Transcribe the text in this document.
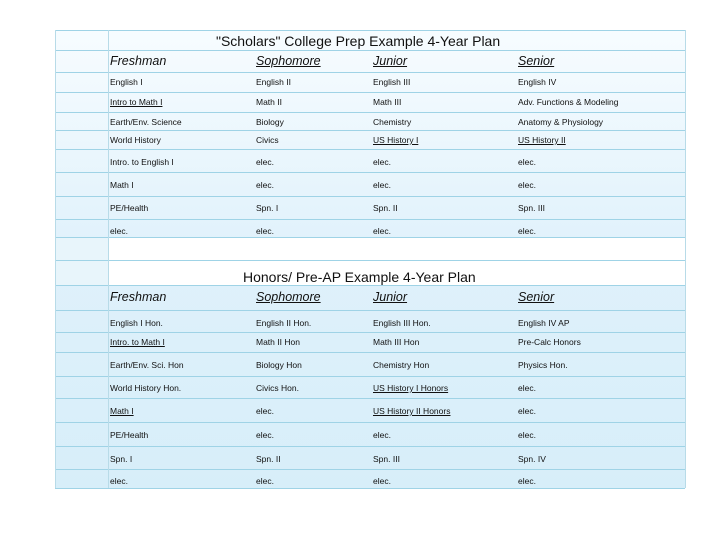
"Scholars" College Prep Example 4-Year Plan
Honors/ Pre-AP Example 4-Year Plan
Freshman	Sophomore	Junior	Senior
English I	English II	English III	English IV
Intro to Math I	Math II	Math III	Adv. Functions & Modeling
Earth/Env. Science	Biology	Chemistry	Anatomy & Physiology
World History	Civics	US History I	US History II
Intro. to English I	elec.	elec.	elec.
Math I	elec.	elec.	elec.
PE/Health	Spn. I	Spn. II	Spn. III
elec.	elec.	elec.	elec.
Freshman	Sophomore	Junior	Senior
English I Hon.	English II Hon.	English III Hon.	English IV AP
Intro. to Math I	Math II Hon	Math III Hon	Pre-Calc Honors
Earth/Env. Sci. Hon	Biology Hon	Chemistry Hon	Physics Hon.
World History Hon.	Civics Hon.	US History I Honors	elec.
Math I	elec.	US History II Honors	elec.
PE/Health	elec.	elec.	elec.
Spn. I	Spn. II	Spn. III	Spn. IV
elec.	elec.	elec.	elec.
